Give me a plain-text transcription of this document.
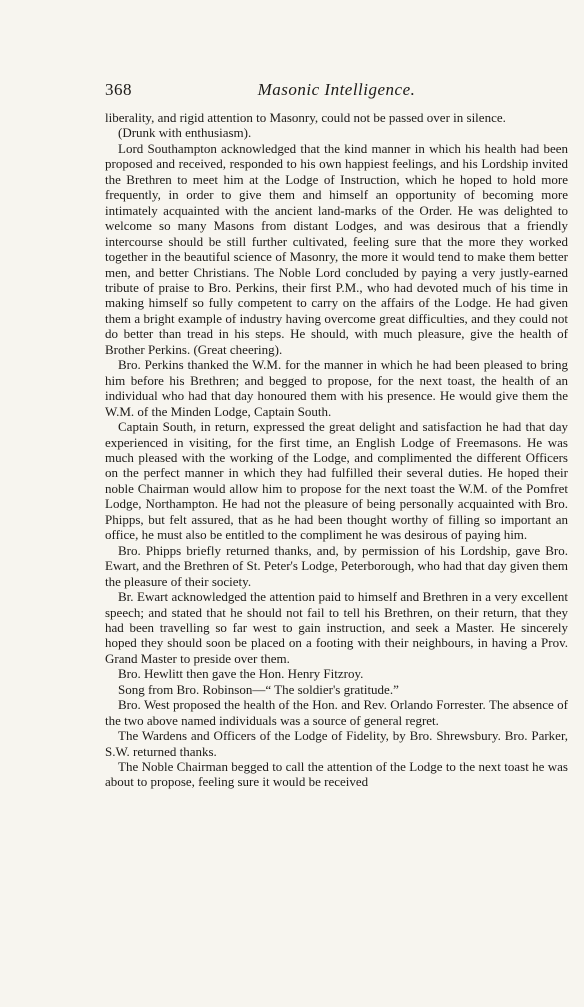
368	Masonic Intelligence.

liberality, and rigid attention to Masonry, could not be passed over in silence.

(Drunk with enthusiasm).

Lord Southampton acknowledged that the kind manner in which his health had been proposed and received, responded to his own happiest feelings, and his Lordship invited the Brethren to meet him at the Lodge of Instruction, which he hoped to hold more frequently, in order to give them and himself an opportunity of becoming more intimately acquainted with the ancient land-marks of the Order. He was delighted to welcome so many Masons from distant Lodges, and was desirous that a friendly intercourse should be still further cultivated, feeling sure that the more they worked together in the beautiful science of Masonry, the more it would tend to make them better men, and better Christians. The Noble Lord concluded by paying a very justly-earned tribute of praise to Bro. Perkins, their first P.M., who had devoted much of his time in making himself so fully competent to carry on the affairs of the Lodge. He had given them a bright example of industry having overcome great difficulties, and they could not do better than tread in his steps. He should, with much pleasure, give the health of Brother Perkins. (Great cheering).

Bro. Perkins thanked the W.M. for the manner in which he had been pleased to bring him before his Brethren; and begged to propose, for the next toast, the health of an individual who had that day honoured them with his presence. He would give them the W.M. of the Minden Lodge, Captain South.

Captain South, in return, expressed the great delight and satisfaction he had that day experienced in visiting, for the first time, an English Lodge of Freemasons. He was much pleased with the working of the Lodge, and complimented the different Officers on the perfect manner in which they had fulfilled their several duties. He hoped their noble Chairman would allow him to propose for the next toast the W.M. of the Pomfret Lodge, Northampton. He had not the pleasure of being personally acquainted with Bro. Phipps, but felt assured, that as he had been thought worthy of filling so important an office, he must also be entitled to the compliment he was desirous of paying him.

Bro. Phipps briefly returned thanks, and, by permission of his Lordship, gave Bro. Ewart, and the Brethren of St. Peter's Lodge, Peterborough, who had that day given them the pleasure of their society.

Br. Ewart acknowledged the attention paid to himself and Brethren in a very excellent speech; and stated that he should not fail to tell his Brethren, on their return, that they had been travelling so far west to gain instruction, and seek a Master. He sincerely hoped they should soon be placed on a footing with their neighbours, in having a Prov. Grand Master to preside over them.

Bro. Hewlitt then gave the Hon. Henry Fitzroy.

Song from Bro. Robinson—“ The soldier's gratitude.”

Bro. West proposed the health of the Hon. and Rev. Orlando Forrester. The absence of the two above named individuals was a source of general regret.

The Wardens and Officers of the Lodge of Fidelity, by Bro. Shrewsbury. Bro. Parker, S.W. returned thanks.

The Noble Chairman begged to call the attention of the Lodge to the next toast he was about to propose, feeling sure it would be received
